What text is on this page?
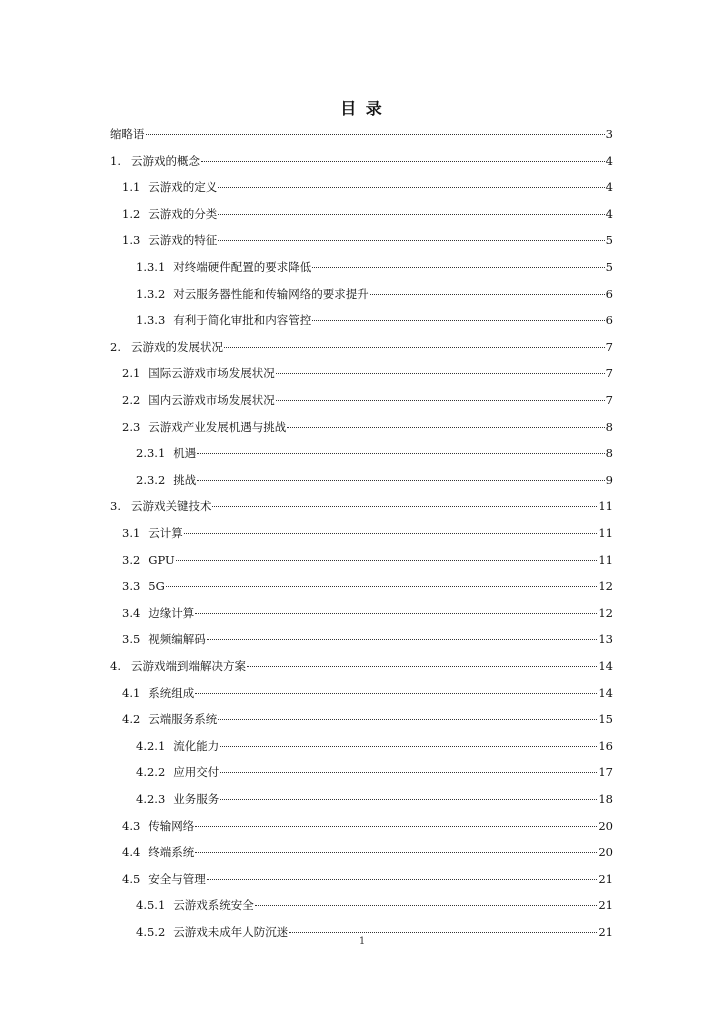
目 录
缩略语	3
1. 云游戏的概念	4
1.1 云游戏的定义	4
1.2 云游戏的分类	4
1.3 云游戏的特征	5
1.3.1 对终端硬件配置的要求降低	5
1.3.2 对云服务器性能和传输网络的要求提升	6
1.3.3 有利于简化审批和内容管控	6
2. 云游戏的发展状况	7
2.1 国际云游戏市场发展状况	7
2.2 国内云游戏市场发展状况	7
2.3 云游戏产业发展机遇与挑战	8
2.3.1 机遇	8
2.3.2 挑战	9
3. 云游戏关键技术	11
3.1 云计算	11
3.2 GPU	11
3.3 5G	12
3.4 边缘计算	12
3.5 视频编解码	13
4. 云游戏端到端解决方案	14
4.1 系统组成	14
4.2 云端服务系统	15
4.2.1 流化能力	16
4.2.2 应用交付	17
4.2.3 业务服务	18
4.3 传输网络	20
4.4 终端系统	20
4.5 安全与管理	21
4.5.1 云游戏系统安全	21
4.5.2 云游戏未成年人防沉迷	21
1
